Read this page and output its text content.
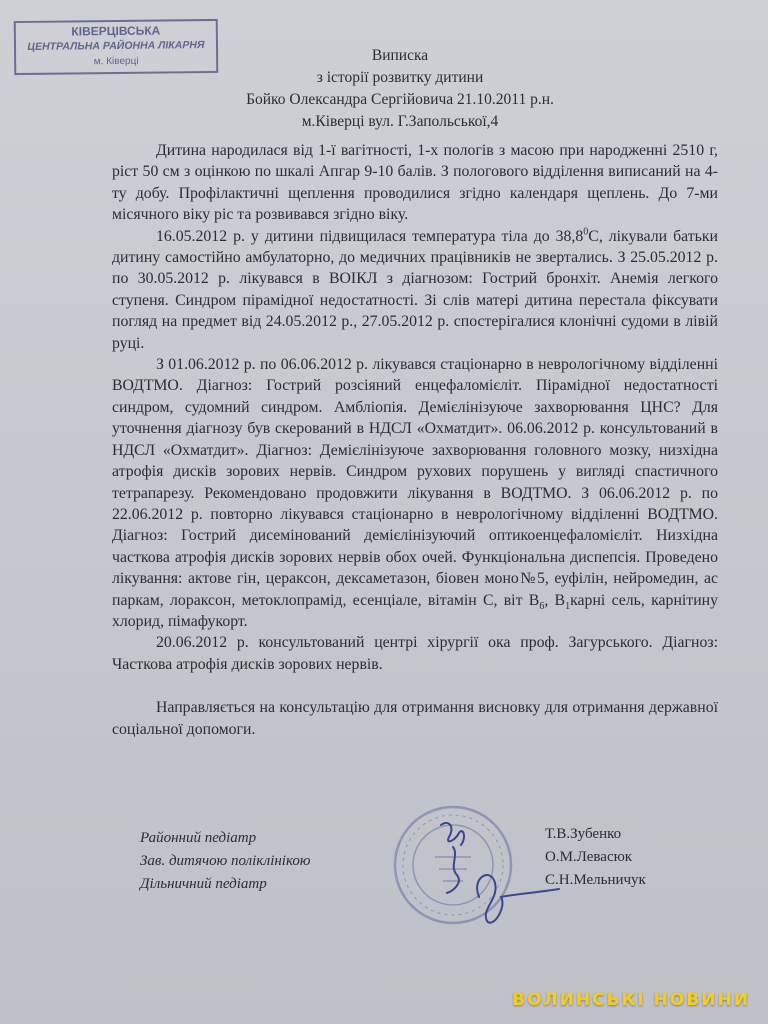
КІВЕРЦІВСЬКА
ЦЕНТРАЛЬНА РАЙОННА ЛІКАРНЯ
м. Ківерці	Виписка
з історії розвитку дитини
Бойко Олександра Сергійовича 21.10.2011 р.н.
м.Ківерці вул. Г.Запольської,4

Дитина народилася від 1-ї вагітності, 1-х пологів з масою при народженні 2510 г, ріст 50 см з оцінкою по шкалі Апгар 9-10 балів. З пологового відділення виписаний на 4-ту добу. Профілактичні щеплення проводилися згідно календаря щеплень. До 7-ми місячного віку ріс та розвивався згідно віку.

16.05.2012 р. у дитини підвищилася температура тіла до 38,8$^0$С, лікували батьки дитину самостійно амбулаторно, до медичних працівників не звертались. З 25.05.2012 р. по 30.05.2012 р. лікувався в ВОІКЛ з діагнозом: Гострий бронхіт. Анемія легкого ступеня. Синдром пірамідної недостатності. Зі слів матері дитина перестала фіксувати погляд на предмет від 24.05.2012 р., 27.05.2012 р. спостерігалися клонічні судоми в лівій руці.

З 01.06.2012 р. по 06.06.2012 р. лікувався стаціонарно в неврологічному відділенні ВОДТМО. Діагноз: Гострий розсіяний енцефаломієліт. Пірамідної недостатності синдром, судомний синдром. Амбліопія. Демієлінізуюче захворювання ЦНС? Для уточнення діагнозу був скерований в НДСЛ «Охматдит». 06.06.2012 р. консультований в НДСЛ «Охматдит». Діагноз: Демієлінізуюче захворювання головного мозку, низхідна атрофія дисків зорових нервів. Синдром рухових порушень у вигляді спастичного тетрапарезу. Рекомендовано продовжити лікування в ВОДТМО. З 06.06.2012 р. по 22.06.2012 р. повторно лікувався стаціонарно в неврологічному відділенні ВОДТМО. Діагноз: Гострий дисемінований демієлінізуючий оптикоенцефаломієліт. Низхідна часткова атрофія дисків зорових нервів обох очей. Функціональна диспепсія. Проведено лікування: актове гін, цераксон, дексаметазон, біовен моно№5, еуфілін, нейромедин, ас паркам, лораксон, метоклопрамід, есенціале, вітамін С, віт $В_6$, $В_1карні$ сель, карнітину хлорид, пімафукорт.

20.06.2012 р. консультований центрі хірургії ока проф. Загурського. Діагноз: Часткова атрофія дисків зорових нервів.

Направляється на консультацію для отримання висновку для отримання державної соціальної допомоги.

Районний педіатр
Зав. дитячою поліклінікою
Дільничний педіатр
Т.В.Зубенко
О.М.Левасюк
С.Н.Мельничук
ВОЛИНСЬКІ НОВИНИ
